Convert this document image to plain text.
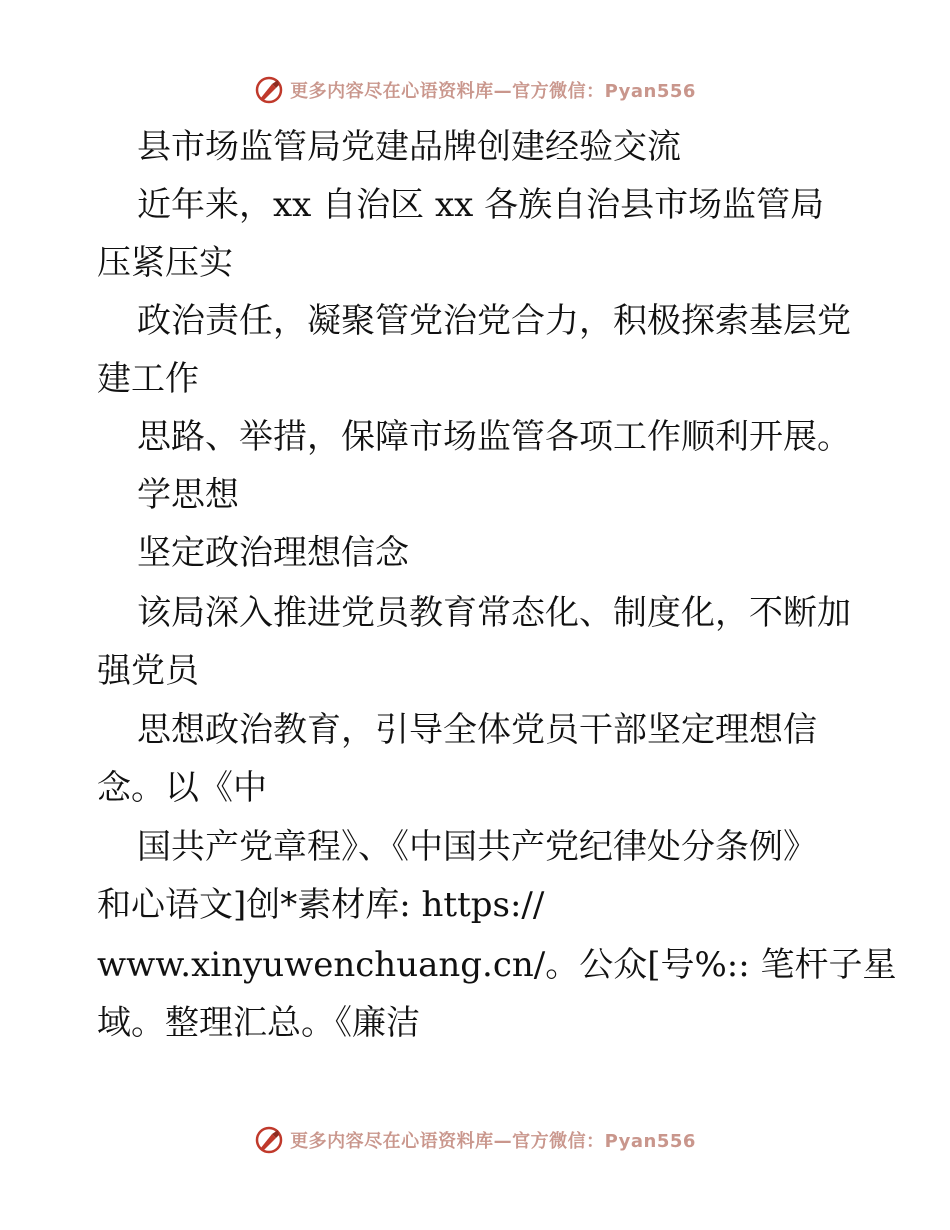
更多内容尽在心语资料库—官方微信：Pyan556
县市场监管局党建品牌创建经验交流
近年来，xx 自治区 xx 各族自治县市场监管局
压紧压实
政治责任，凝聚管党治党合力，积极探索基层党
建工作
思路、举措，保障市场监管各项工作顺利开展。
学思想
坚定政治理想信念
该局深入推进党员教育常态化、制度化，不断加
强党员
思想政治教育，引导全体党员干部坚定理想信
念。以《中
国共产党章程》、《中国共产党纪律处分条例》
和心语文]创*素材库: https://
www.xinyuwenchuang.cn/。公众[号%:: 笔杆子星
域。整理汇总。《廉洁
更多内容尽在心语资料库—官方微信：Pyan556
